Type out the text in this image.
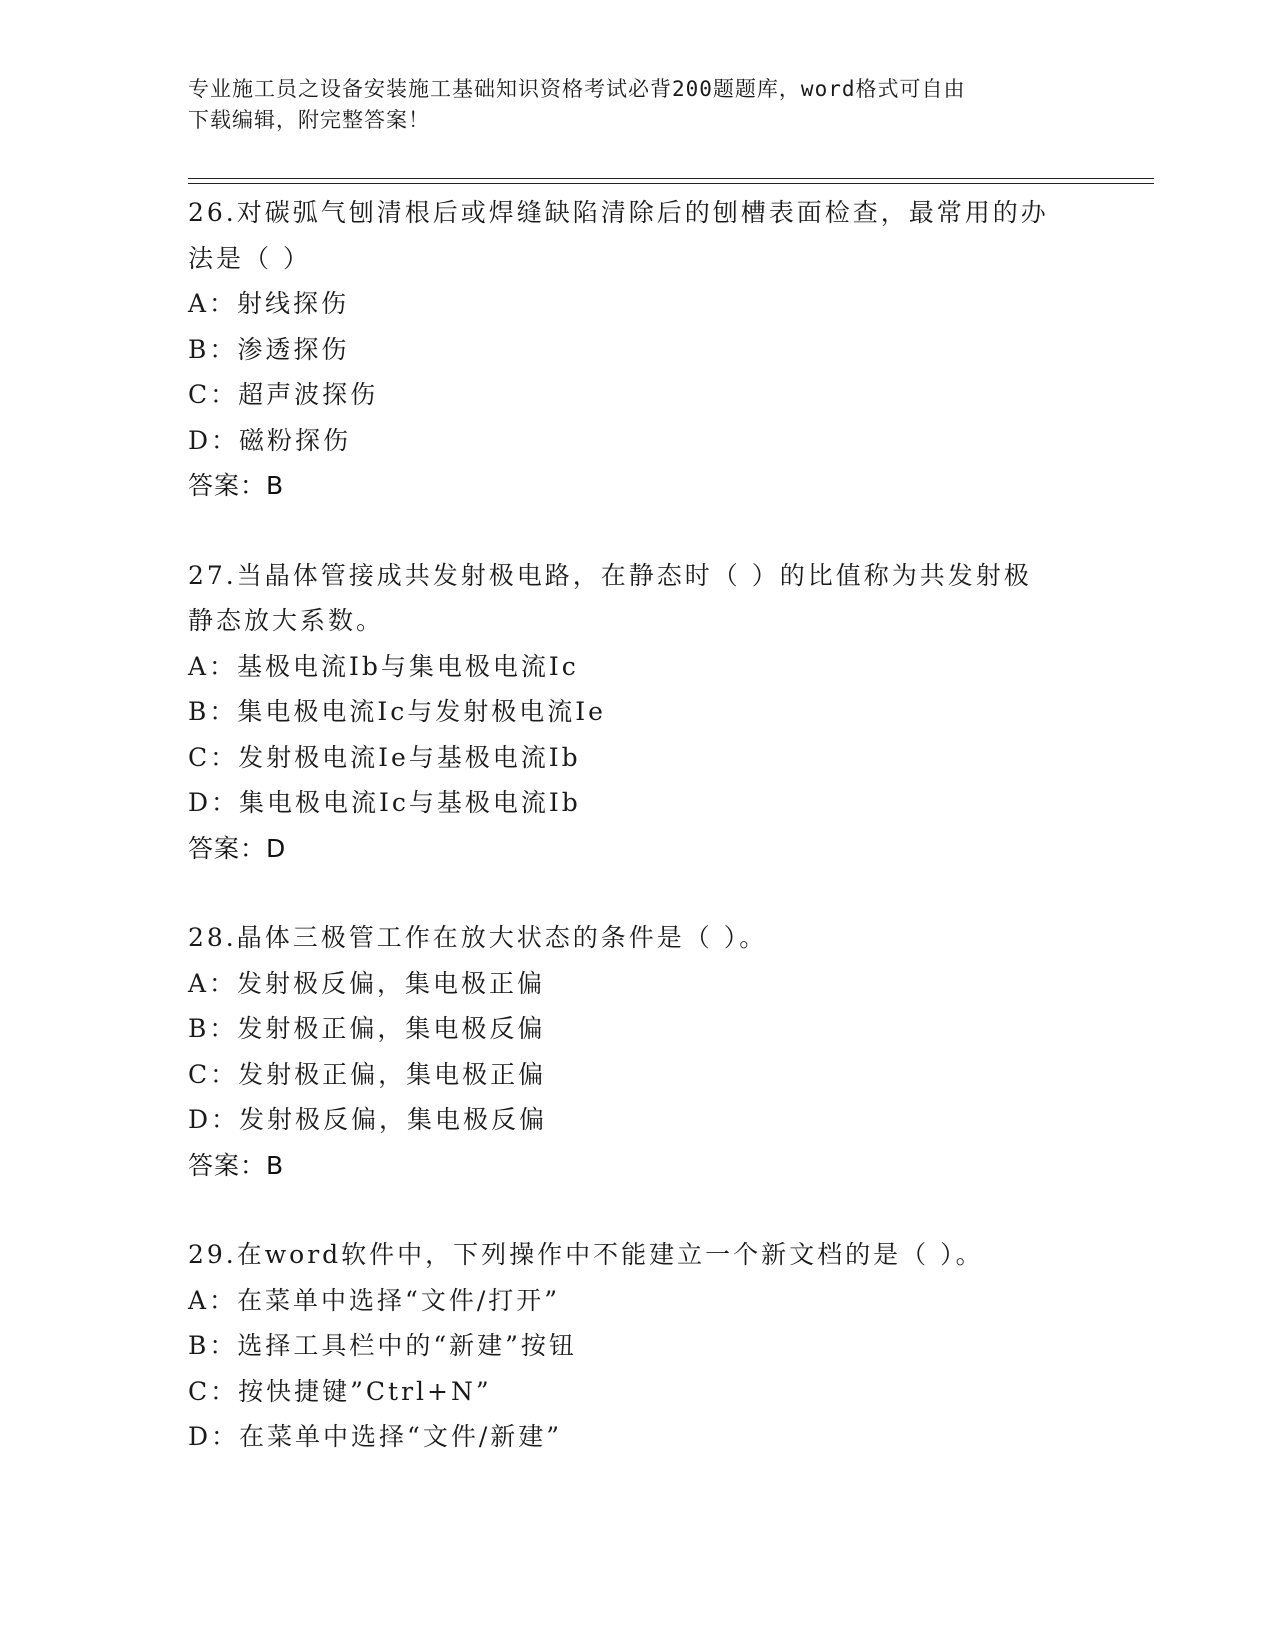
专业施工员之设备安装施工基础知识资格考试必背200题题库，word格式可自由
下载编辑，附完整答案！
26.对碳弧气刨清根后或焊缝缺陷清除后的刨槽表面检查，最常用的办
法是（ ）
A：射线探伤
B：渗透探伤
C：超声波探伤
D：磁粉探伤
答案：B
27.当晶体管接成共发射极电路，在静态时（ ）的比值称为共发射极
静态放大系数。
A：基极电流Ib与集电极电流Ic
B：集电极电流Ic与发射极电流Ie
C：发射极电流Ie与基极电流Ib
D：集电极电流Ic与基极电流Ib
答案：D
28.晶体三极管工作在放大状态的条件是（ ）。
A：发射极反偏，集电极正偏
B：发射极正偏，集电极反偏
C：发射极正偏，集电极正偏
D：发射极反偏，集电极反偏
答案：B
29.在word软件中，下列操作中不能建立一个新文档的是（ ）。
A：在菜单中选择“文件/打开”
B：选择工具栏中的“新建”按钮
C：按快捷键”Ctrl+N”
D：在菜单中选择“文件/新建”
